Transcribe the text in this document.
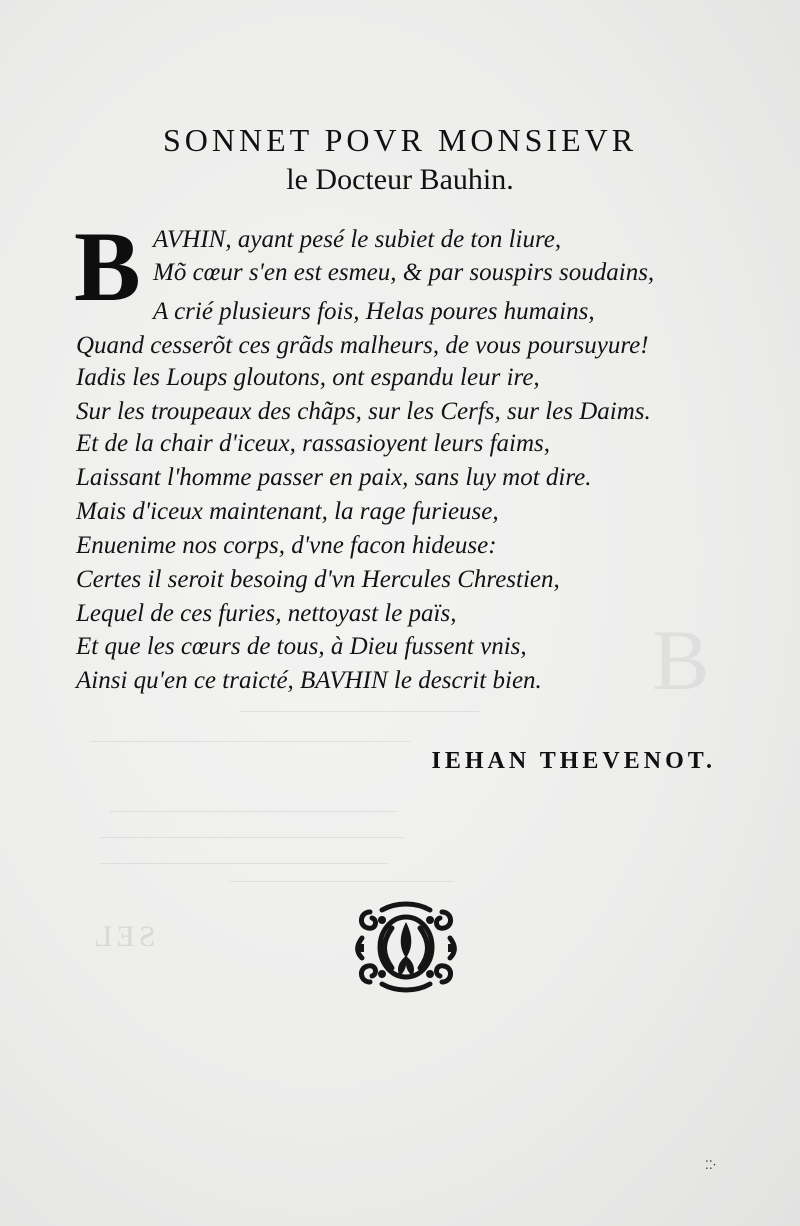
B
———————————————
————————————————————
——————————————————
———————————————————
——————————————————
——————————————
SEL
SONNET POVR MONSIEVR
le Docteur Bauhin.
B AVHIN, ayant pesé le subiet de ton liure,
Mõ cœur s'en est esmeu, & par souspirs soudains,
A crié plusieurs fois, Helas poures humains,
Quand cesserõt ces grãds malheurs, de vous poursuyure!
Iadis les Loups gloutons, ont espandu leur ire,
Sur les troupeaux des chãps, sur les Cerfs, sur les Daims.
Et de la chair d'iceux, rassasioyent leurs faims,
Laissant l'homme passer en paix, sans luy mot dire.
Mais d'iceux maintenant, la rage furieuse,
Enuenime nos corps, d'vne facon hideuse:
Certes il seroit besoing d'vn Hercules Chrestien,
Lequel de ces furies, nettoyast le païs,
Et que les cœurs de tous, à Dieu fussent vnis,
Ainsi qu'en ce traicté, BAVHIN le descrit bien.

IEHAN THEVENOT.

⁚⁚·
